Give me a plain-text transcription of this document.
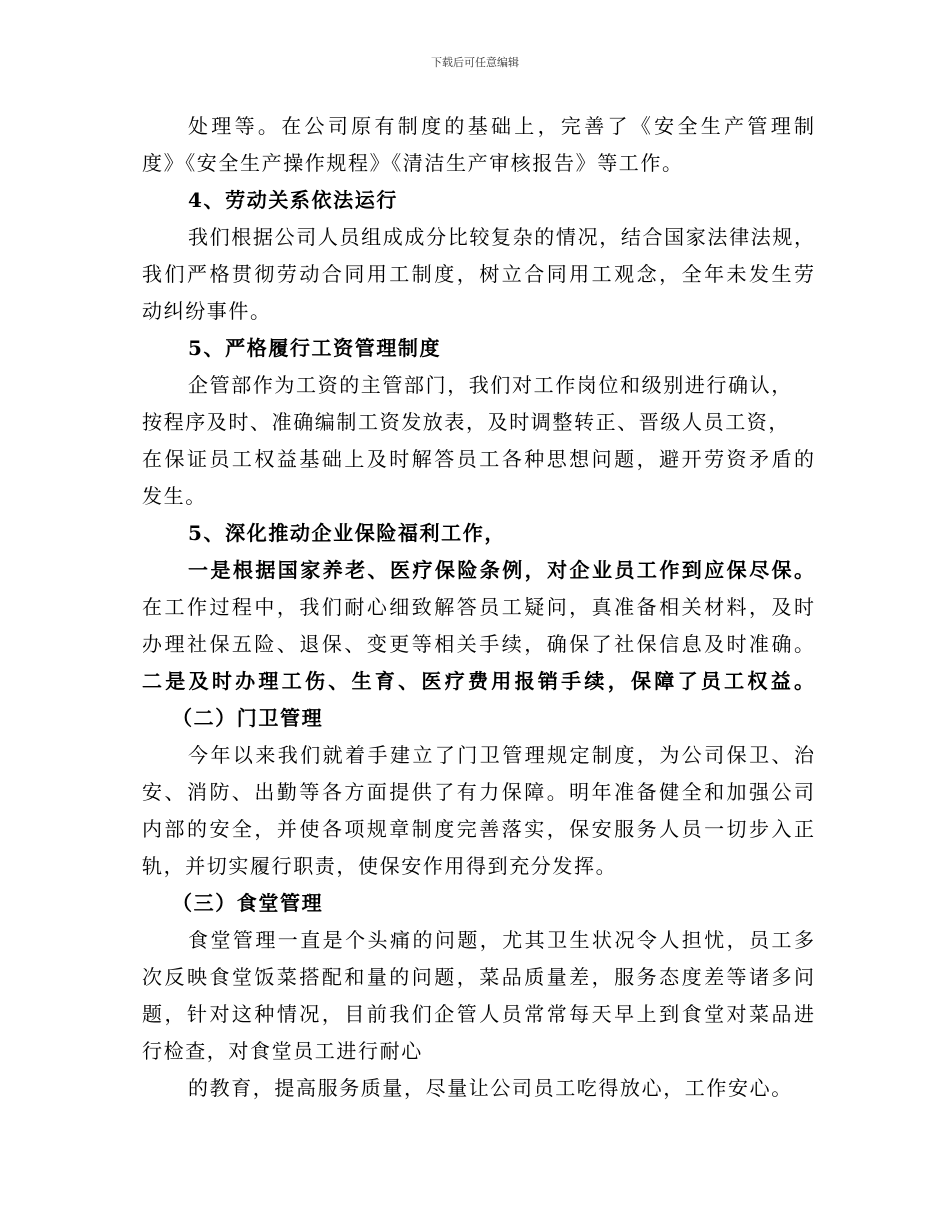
下载后可任意编辑
处理等。在公司原有制度的基础上，完善了《安全生产管理制
度》《安全生产操作规程》《清洁生产审核报告》等工作。
4、劳动关系依法运行
我们根据公司人员组成成分比较复杂的情况，结合国家法律法规，
我们严格贯彻劳动合同用工制度，树立合同用工观念，全年未发生劳
动纠纷事件。
5、严格履行工资管理制度
企管部作为工资的主管部门，我们对工作岗位和级别进行确认，
按程序及时、准确编制工资发放表，及时调整转正、晋级人员工资，
在保证员工权益基础上及时解答员工各种思想问题，避开劳资矛盾的
发生。
5、深化推动企业保险福利工作，
一是根据国家养老、医疗保险条例，对企业员工作到应保尽保。
在工作过程中，我们耐心细致解答员工疑问，真准备相关材料，及时
办理社保五险、退保、变更等相关手续，确保了社保信息及时准确。
二是及时办理工伤、生育、医疗费用报销手续，保障了员工权益。
（二）门卫管理
今年以来我们就着手建立了门卫管理规定制度，为公司保卫、治
安、消防、出勤等各方面提供了有力保障。明年准备健全和加强公司
内部的安全，并使各项规章制度完善落实，保安服务人员一切步入正
轨，并切实履行职责，使保安作用得到充分发挥。
（三）食堂管理
食堂管理一直是个头痛的问题，尤其卫生状况令人担忧，员工多
次反映食堂饭菜搭配和量的问题，菜品质量差，服务态度差等诸多问
题，针对这种情况，目前我们企管人员常常每天早上到食堂对菜品进
行检查，对食堂员工进行耐心
的教育，提高服务质量，尽量让公司员工吃得放心，工作安心。
